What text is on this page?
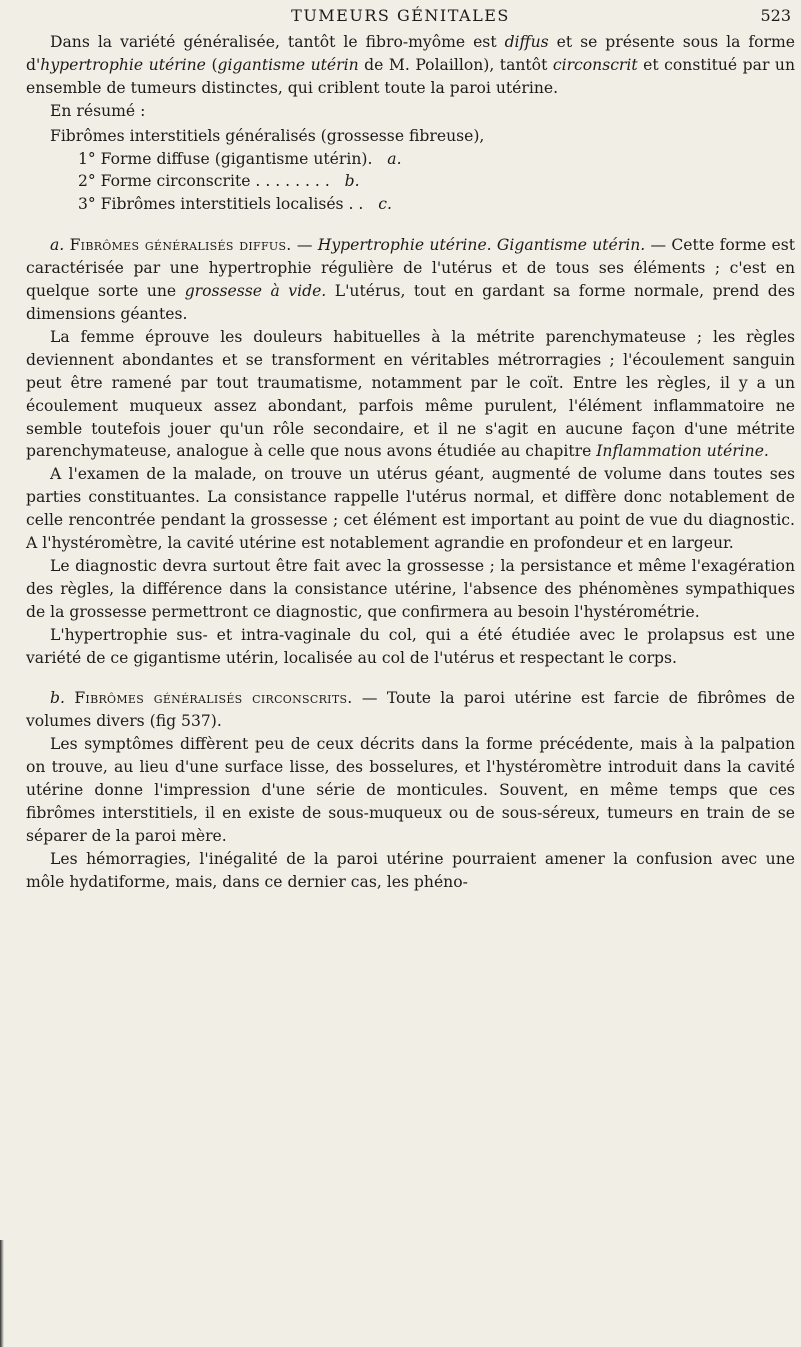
TUMEURS GÉNITALES	523

Dans la variété généralisée, tantôt le fibro-myôme est diffus et se présente sous la forme d'hypertrophie utérine (gigantisme utérin de M. Polaillon), tantôt circonscrit et constitué par un ensemble de tumeurs distinctes, qui criblent toute la paroi utérine.

En résumé :

Fibrômes interstitiels généralisés (grossesse fibreuse),
1° Forme diffuse (gigantisme utérin).   a.
2° Forme circonscrite . . . . . . . .   b.
3° Fibrômes interstitiels localisés . .   c.

a. Fibrômes généralisés diffus. — Hypertrophie utérine. Gigantisme utérin. — Cette forme est caractérisée par une hypertrophie régulière de l'utérus et de tous ses éléments ; c'est en quelque sorte une grossesse à vide. L'utérus, tout en gardant sa forme normale, prend des dimensions géantes.

La femme éprouve les douleurs habituelles à la métrite parenchymateuse ; les règles deviennent abondantes et se transforment en véritables métrorragies ; l'écoulement sanguin peut être ramené par tout traumatisme, notamment par le coït. Entre les règles, il y a un écoulement muqueux assez abondant, parfois même purulent, l'élément inflammatoire ne semble toutefois jouer qu'un rôle secondaire, et il ne s'agit en aucune façon d'une métrite parenchymateuse, analogue à celle que nous avons étudiée au chapitre Inflammation utérine.

A l'examen de la malade, on trouve un utérus géant, augmenté de volume dans toutes ses parties constituantes. La consistance rappelle l'utérus normal, et diffère donc notablement de celle rencontrée pendant la grossesse ; cet élément est important au point de vue du diagnostic. A l'hystéromètre, la cavité utérine est notablement agrandie en profondeur et en largeur.

Le diagnostic devra surtout être fait avec la grossesse ; la persistance et même l'exagération des règles, la différence dans la consistance utérine, l'absence des phénomènes sympathiques de la grossesse permettront ce diagnostic, que confirmera au besoin l'hystérométrie.

L'hypertrophie sus- et intra-vaginale du col, qui a été étudiée avec le prolapsus est une variété de ce gigantisme utérin, localisée au col de l'utérus et respectant le corps.

b. Fibrômes généralisés circonscrits. — Toute la paroi utérine est farcie de fibrômes de volumes divers (fig 537).

Les symptômes diffèrent peu de ceux décrits dans la forme précédente, mais à la palpation on trouve, au lieu d'une surface lisse, des bosselures, et l'hystéromètre introduit dans la cavité utérine donne l'impression d'une série de monticules. Souvent, en même temps que ces fibrômes interstitiels, il en existe de sous-muqueux ou de sous-séreux, tumeurs en train de se séparer de la paroi mère.

Les hémorragies, l'inégalité de la paroi utérine pourraient amener la confusion avec une môle hydatiforme, mais, dans ce dernier cas, les phéno-
